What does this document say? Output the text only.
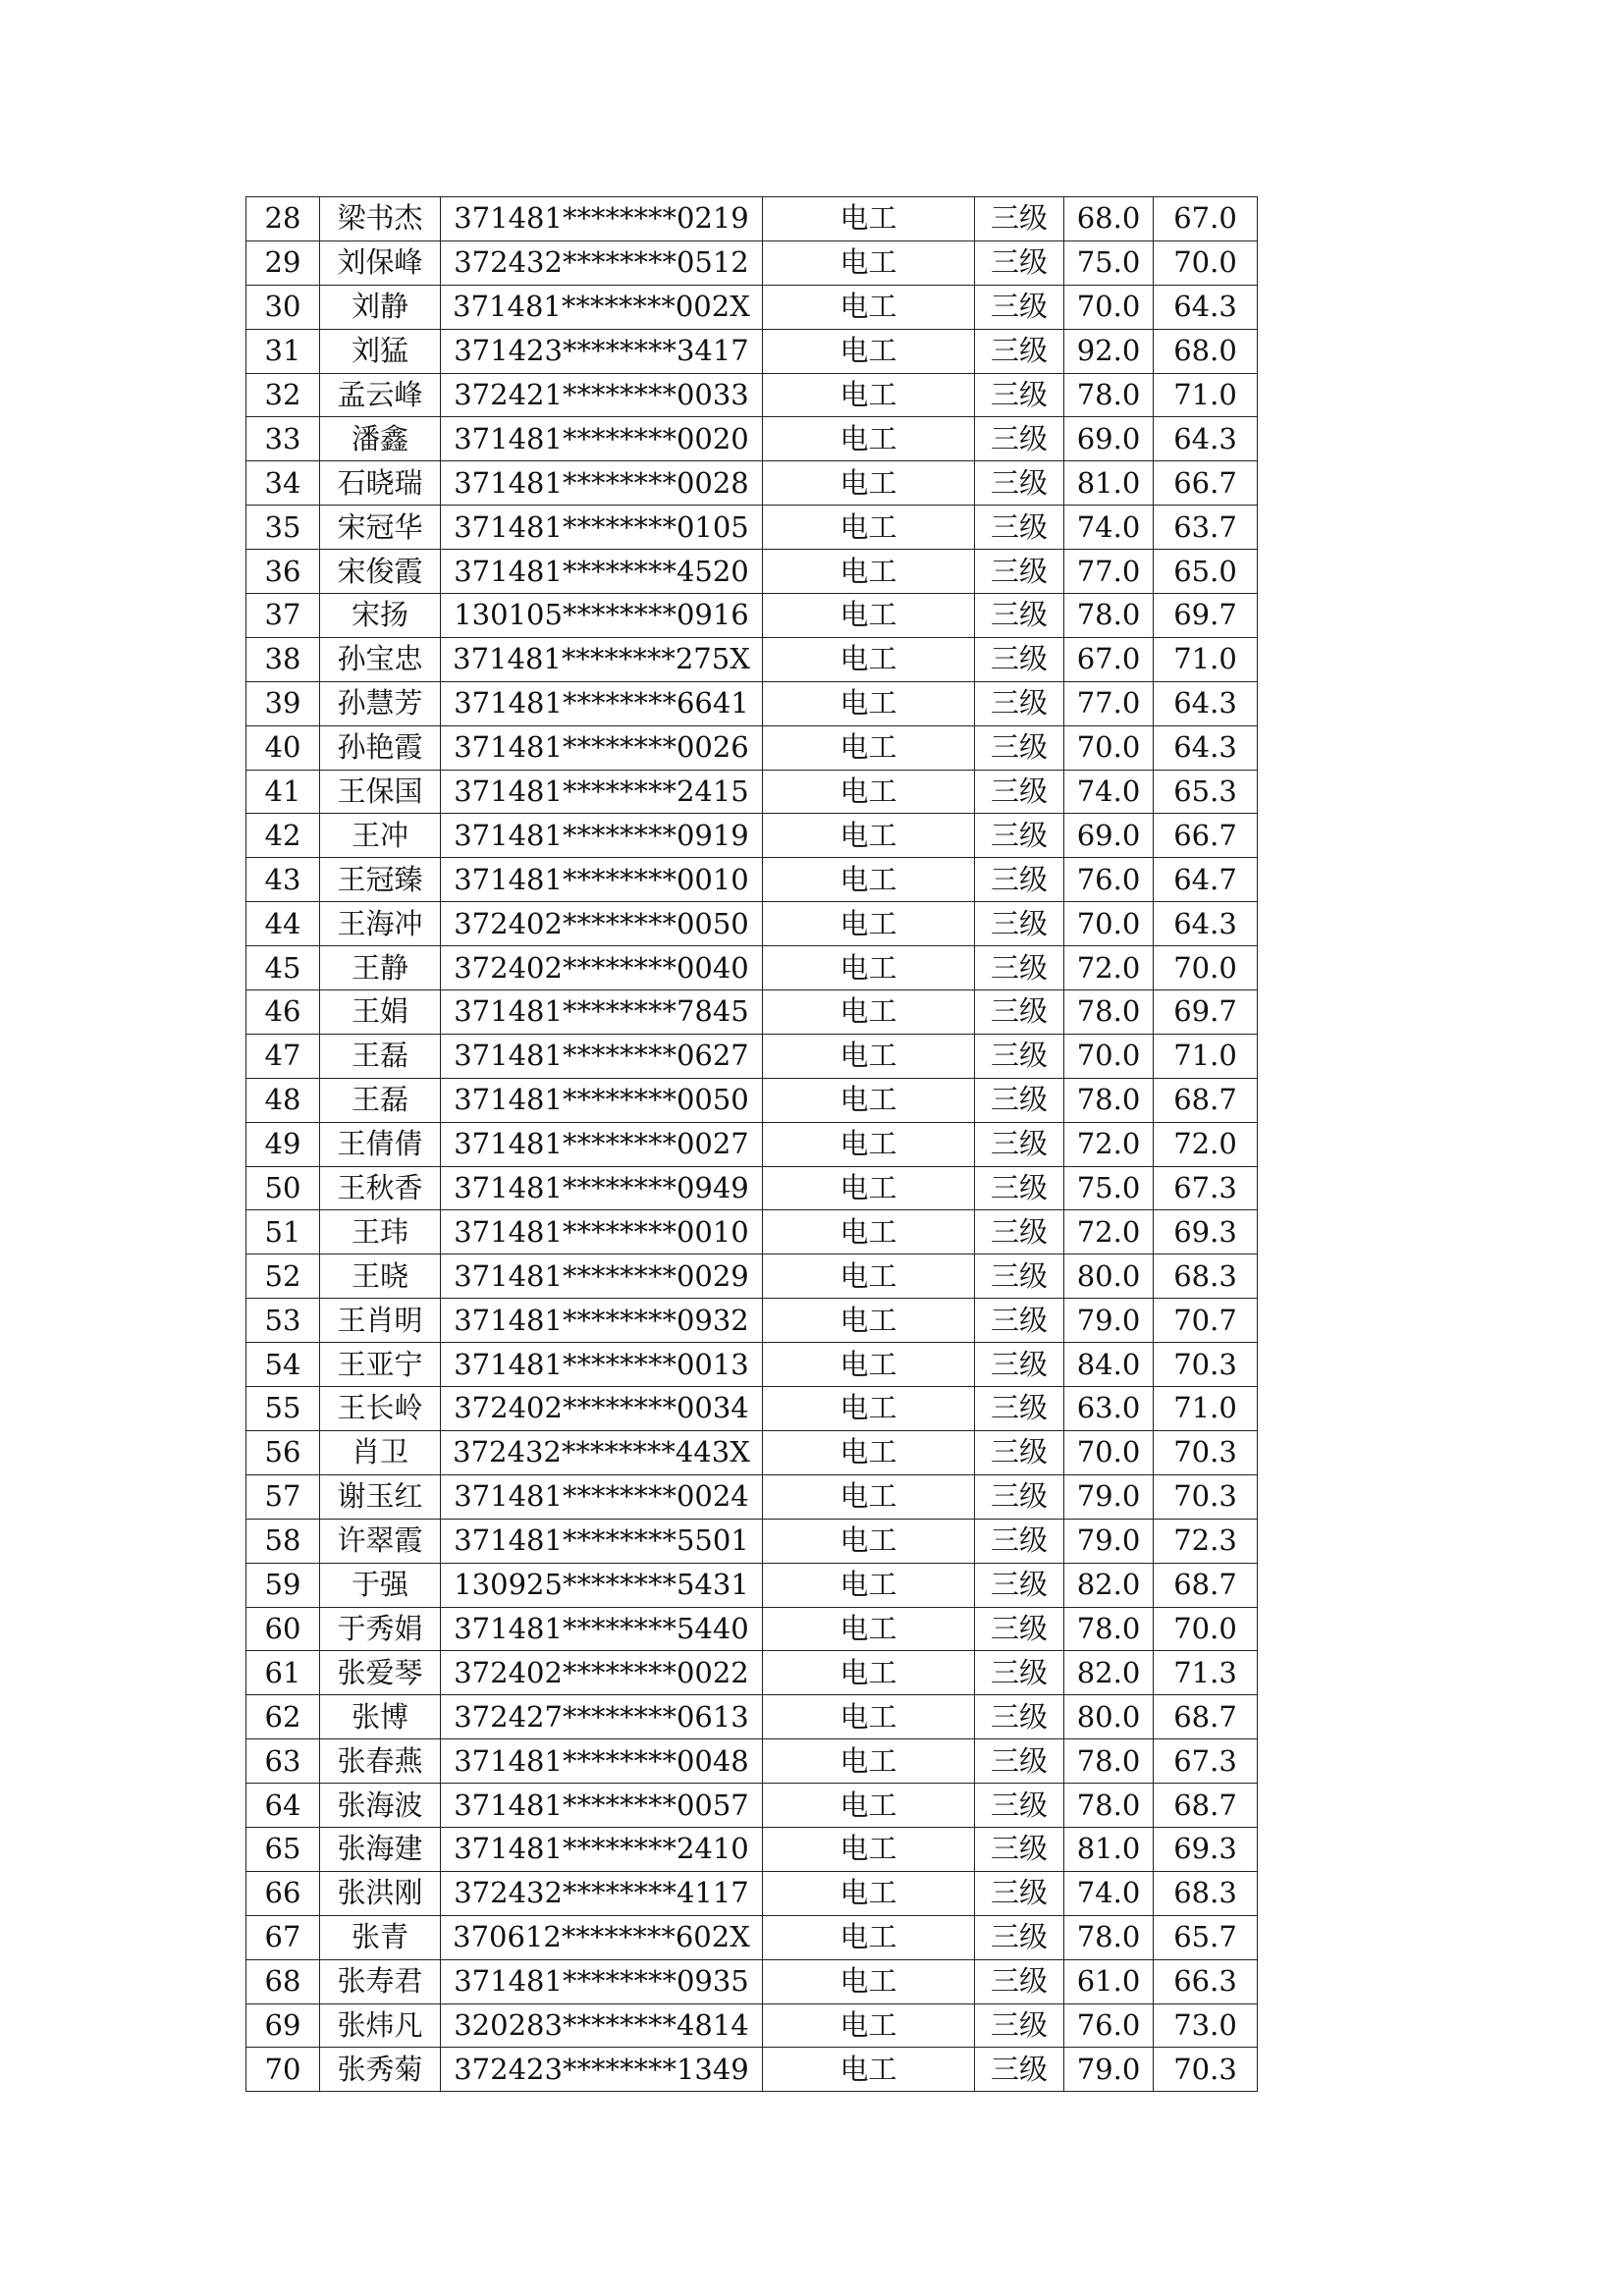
28	梁书杰	371481********0219	电工	三级	68.0	67.0
29	刘保峰	372432********0512	电工	三级	75.0	70.0
30	刘静	371481********002X	电工	三级	70.0	64.3
31	刘猛	371423********3417	电工	三级	92.0	68.0
32	孟云峰	372421********0033	电工	三级	78.0	71.0
33	潘鑫	371481********0020	电工	三级	69.0	64.3
34	石晓瑞	371481********0028	电工	三级	81.0	66.7
35	宋冠华	371481********0105	电工	三级	74.0	63.7
36	宋俊霞	371481********4520	电工	三级	77.0	65.0
37	宋扬	130105********0916	电工	三级	78.0	69.7
38	孙宝忠	371481********275X	电工	三级	67.0	71.0
39	孙慧芳	371481********6641	电工	三级	77.0	64.3
40	孙艳霞	371481********0026	电工	三级	70.0	64.3
41	王保国	371481********2415	电工	三级	74.0	65.3
42	王冲	371481********0919	电工	三级	69.0	66.7
43	王冠臻	371481********0010	电工	三级	76.0	64.7
44	王海冲	372402********0050	电工	三级	70.0	64.3
45	王静	372402********0040	电工	三级	72.0	70.0
46	王娟	371481********7845	电工	三级	78.0	69.7
47	王磊	371481********0627	电工	三级	70.0	71.0
48	王磊	371481********0050	电工	三级	78.0	68.7
49	王倩倩	371481********0027	电工	三级	72.0	72.0
50	王秋香	371481********0949	电工	三级	75.0	67.3
51	王玮	371481********0010	电工	三级	72.0	69.3
52	王晓	371481********0029	电工	三级	80.0	68.3
53	王肖明	371481********0932	电工	三级	79.0	70.7
54	王亚宁	371481********0013	电工	三级	84.0	70.3
55	王长岭	372402********0034	电工	三级	63.0	71.0
56	肖卫	372432********443X	电工	三级	70.0	70.3
57	谢玉红	371481********0024	电工	三级	79.0	70.3
58	许翠霞	371481********5501	电工	三级	79.0	72.3
59	于强	130925********5431	电工	三级	82.0	68.7
60	于秀娟	371481********5440	电工	三级	78.0	70.0
61	张爱琴	372402********0022	电工	三级	82.0	71.3
62	张博	372427********0613	电工	三级	80.0	68.7
63	张春燕	371481********0048	电工	三级	78.0	67.3
64	张海波	371481********0057	电工	三级	78.0	68.7
65	张海建	371481********2410	电工	三级	81.0	69.3
66	张洪刚	372432********4117	电工	三级	74.0	68.3
67	张青	370612********602X	电工	三级	78.0	65.7
68	张寿君	371481********0935	电工	三级	61.0	66.3
69	张炜凡	320283********4814	电工	三级	76.0	73.0
70	张秀菊	372423********1349	电工	三级	79.0	70.3
